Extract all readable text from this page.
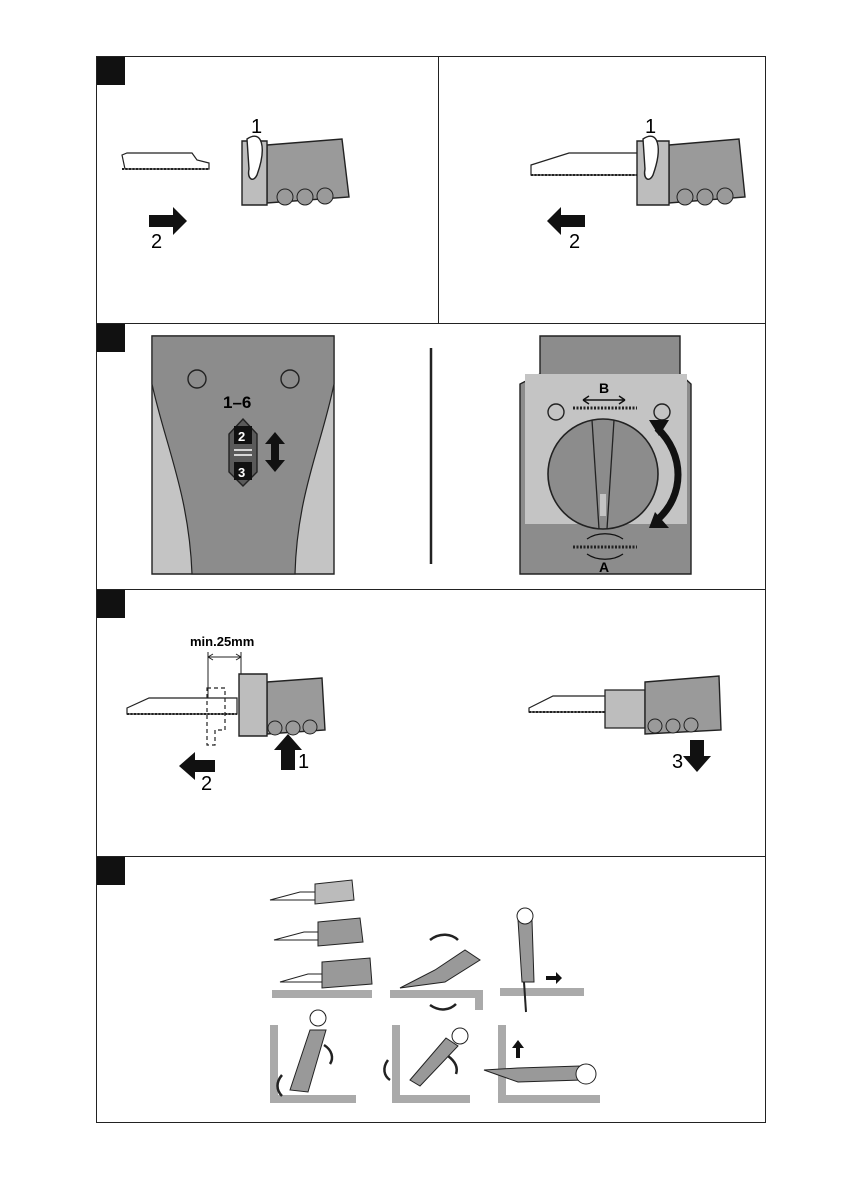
1
2
1
2
1–6
2
3
B
A
min.25mm
1
2
3
